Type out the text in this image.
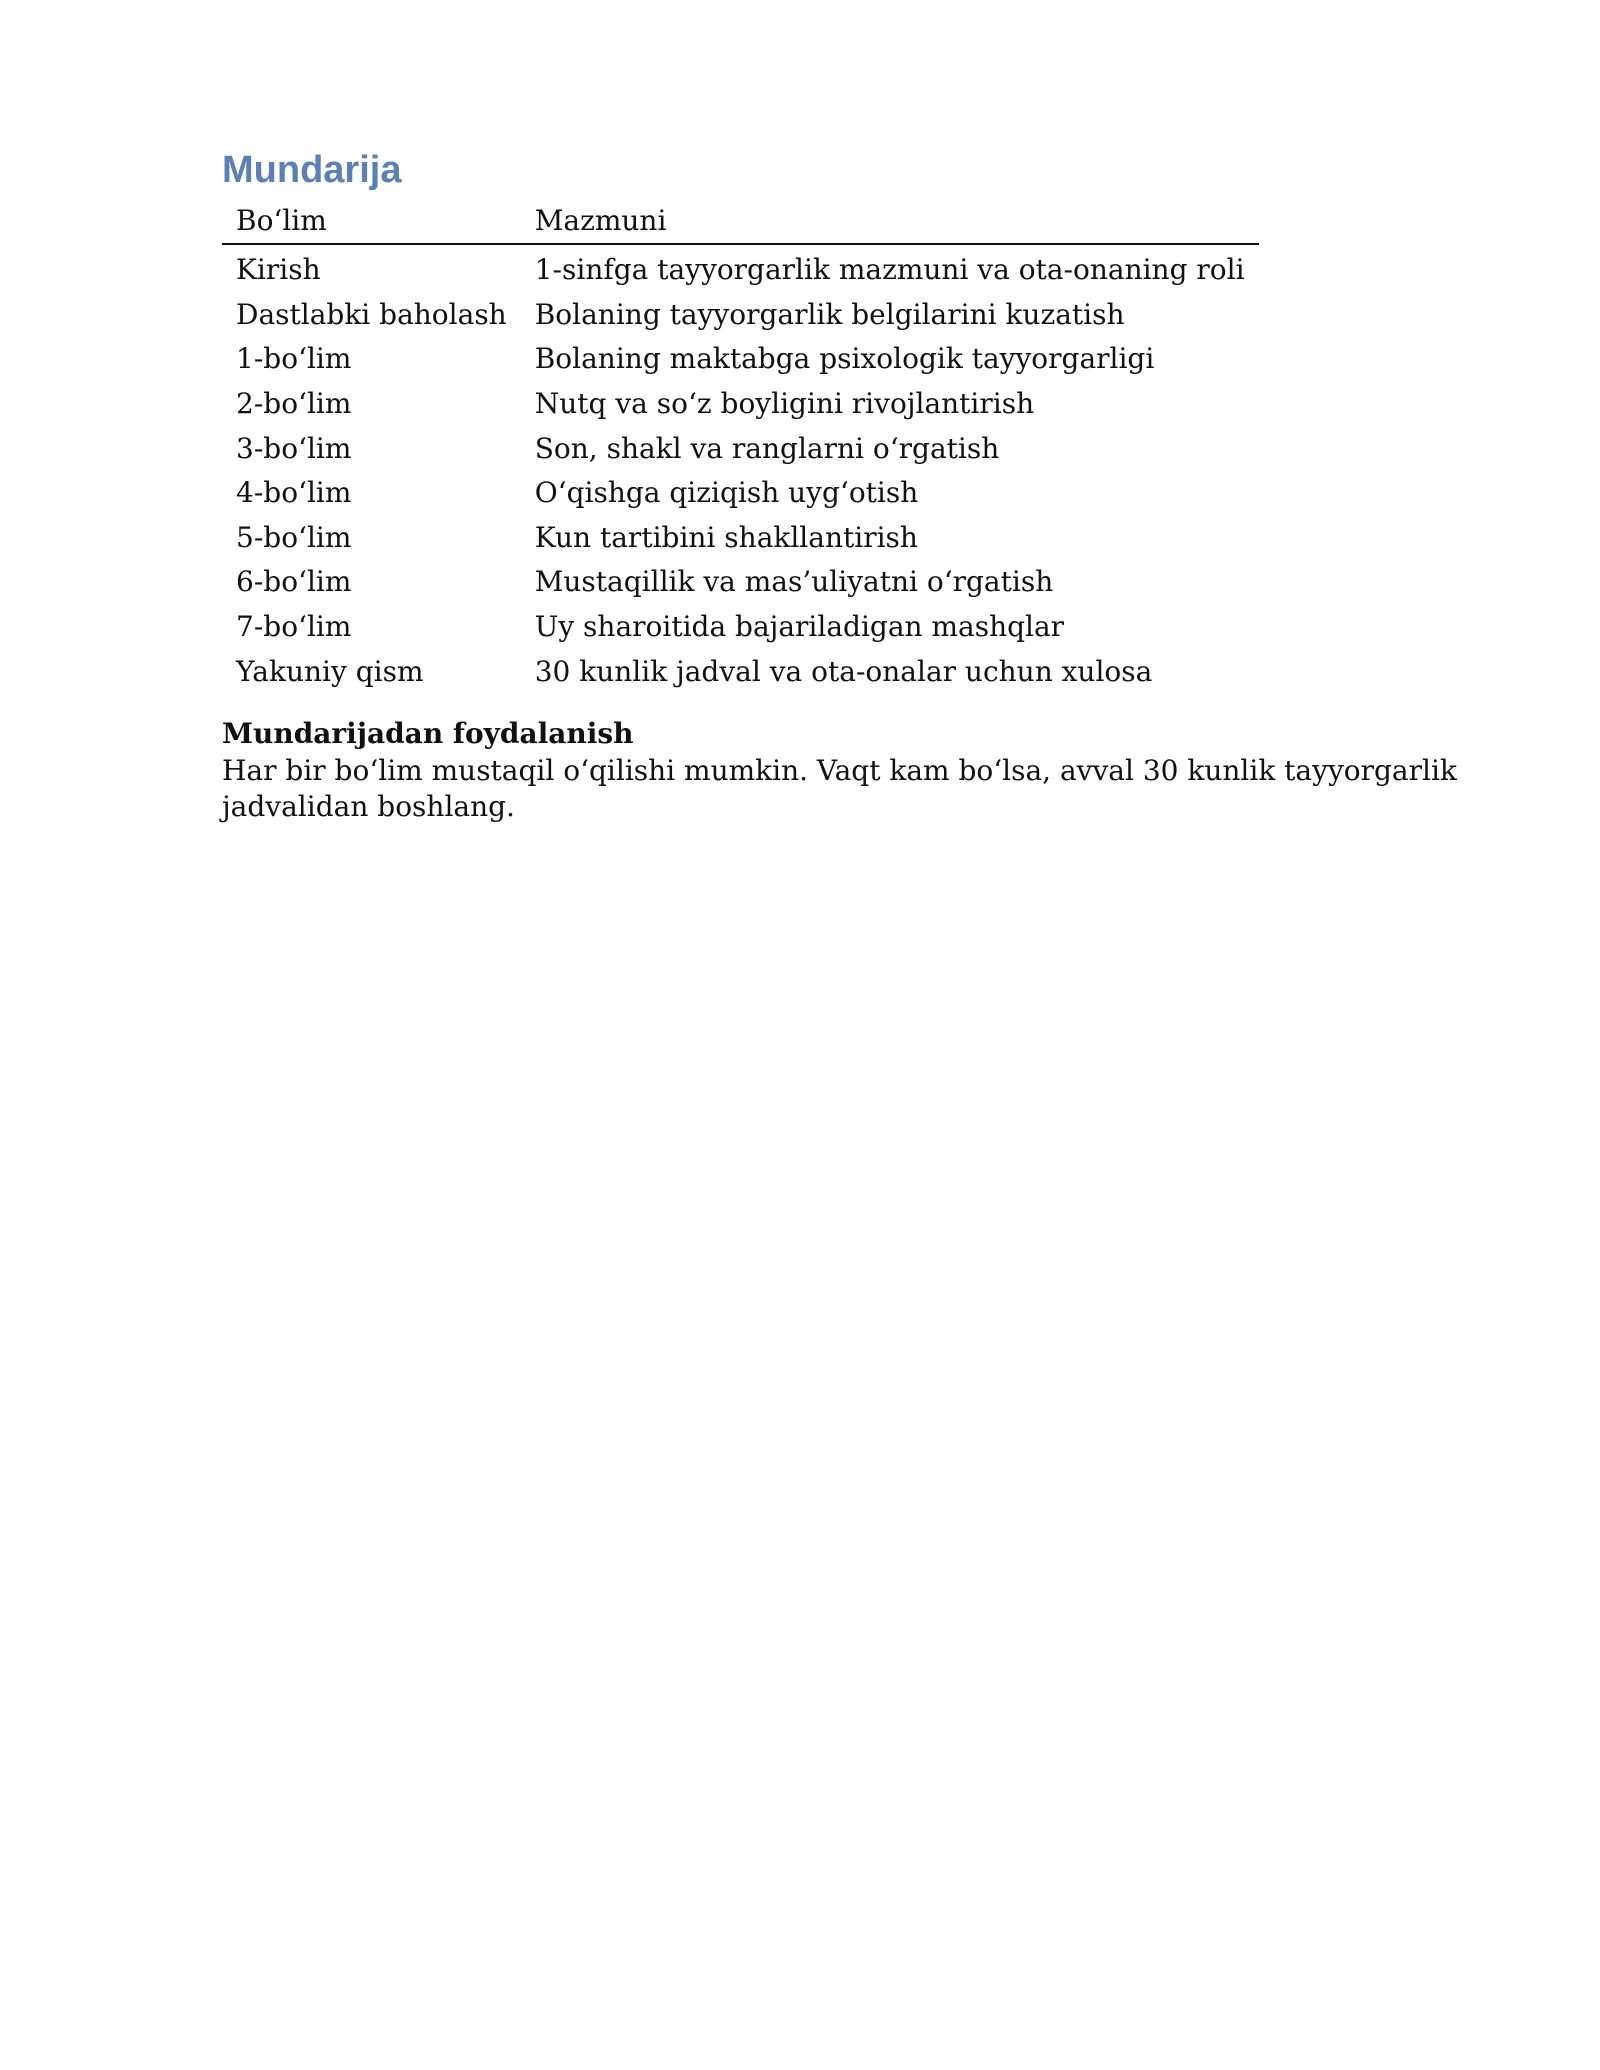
Mundarija
Bo‘lim	Mazmuni
Kirish	1-sinfga tayyorgarlik mazmuni va ota-onaning roli
Dastlabki baholash	Bolaning tayyorgarlik belgilarini kuzatish
1-bo‘lim	Bolaning maktabga psixologik tayyorgarligi
2-bo‘lim	Nutq va so‘z boyligini rivojlantirish
3-bo‘lim	Son, shakl va ranglarni o‘rgatish
4-bo‘lim	O‘qishga qiziqish uyg‘otish
5-bo‘lim	Kun tartibini shakllantirish
6-bo‘lim	Mustaqillik va mas’uliyatni o‘rgatish
7-bo‘lim	Uy sharoitida bajariladigan mashqlar
Yakuniy qism	30 kunlik jadval va ota-onalar uchun xulosa
Mundarijadan foydalanish

Har bir bo‘lim mustaqil o‘qilishi mumkin. Vaqt kam bo‘lsa, avval 30 kunlik tayyorgarlik jadvalidan boshlang.
